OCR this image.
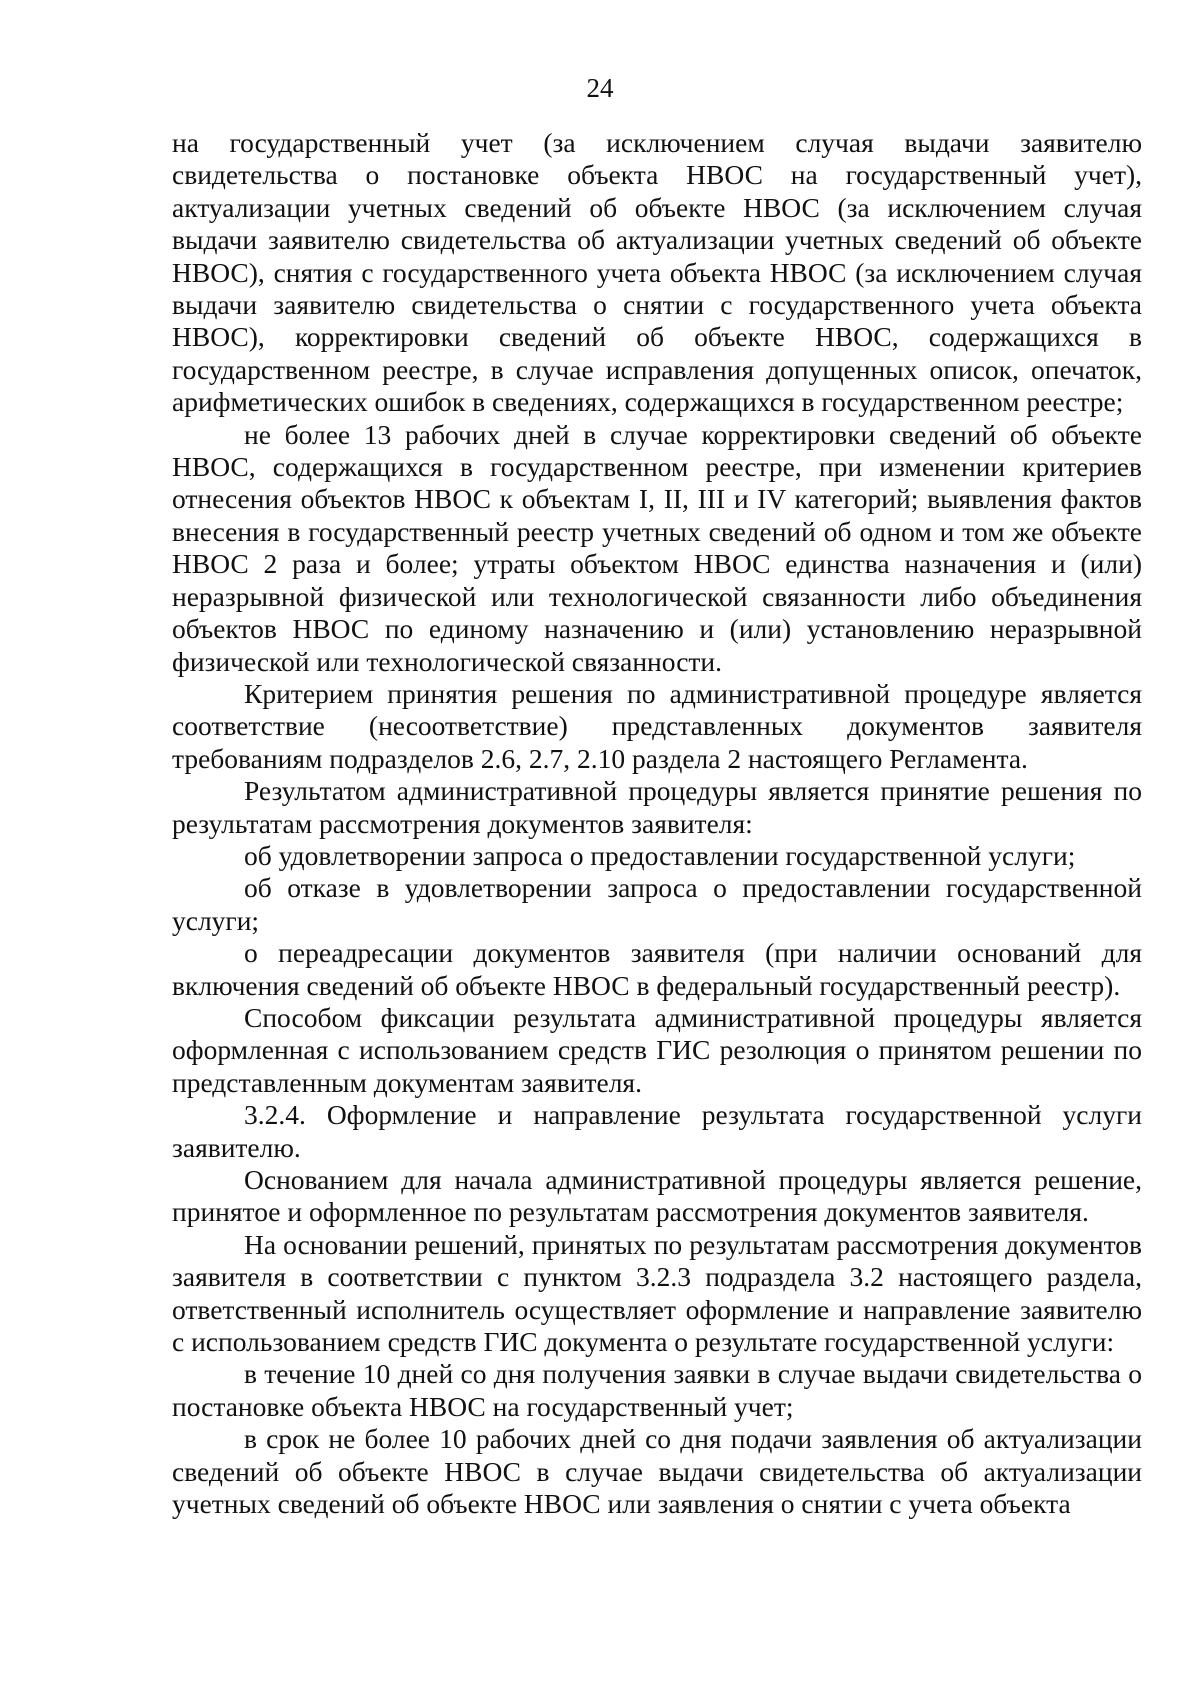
24

на государственный учет (за исключением случая выдачи заявителю свидетельства о постановке объекта НВОС на государственный учет), актуализации учетных сведений об объекте НВОС (за исключением случая выдачи заявителю свидетельства об актуализации учетных сведений об объекте НВОС), снятия с государственного учета объекта НВОС (за исключением случая выдачи заявителю свидетельства о снятии с государственного учета объекта НВОС), корректировки сведений об объекте НВОС, содержащихся в государственном реестре, в случае исправления допущенных описок, опечаток, арифметических ошибок в сведениях, содержащихся в государственном реестре;

не более 13 рабочих дней в случае корректировки сведений об объекте НВОС, содержащихся в государственном реестре, при изменении критериев отнесения объектов НВОС к объектам I, II, III и IV категорий; выявления фактов внесения в государственный реестр учетных сведений об одном и том же объекте НВОС 2 раза и более; утраты объектом НВОС единства назначения и (или) неразрывной физической или технологической связанности либо объединения объектов НВОС по единому назначению и (или) установлению неразрывной физической или технологической связанности.

Критерием принятия решения по административной процедуре является соответствие (несоответствие) представленных документов заявителя требованиям подразделов 2.6, 2.7, 2.10 раздела 2 настоящего Регламента.

Результатом административной процедуры является принятие решения по результатам рассмотрения документов заявителя:

об удовлетворении запроса о предоставлении государственной услуги;

об отказе в удовлетворении запроса о предоставлении государственной услуги;

о переадресации документов заявителя (при наличии оснований для включения сведений об объекте НВОС в федеральный государственный реестр).

Способом фиксации результата административной процедуры является оформленная с использованием средств ГИС резолюция о принятом решении по представленным документам заявителя.

3.2.4. Оформление и направление результата государственной услуги заявителю.

Основанием для начала административной процедуры является решение, принятое и оформленное по результатам рассмотрения документов заявителя.

На основании решений, принятых по результатам рассмотрения документов заявителя в соответствии с пунктом 3.2.3 подраздела 3.2 настоящего раздела, ответственный исполнитель осуществляет оформление и направление заявителю с использованием средств ГИС документа о результате государственной услуги:

в течение 10 дней со дня получения заявки в случае выдачи свидетельства о постановке объекта НВОС на государственный учет;

в срок не более 10 рабочих дней со дня подачи заявления об актуализации сведений об объекте НВОС в случае выдачи свидетельства об актуализации учетных сведений об объекте НВОС или заявления о снятии с учета объекта
